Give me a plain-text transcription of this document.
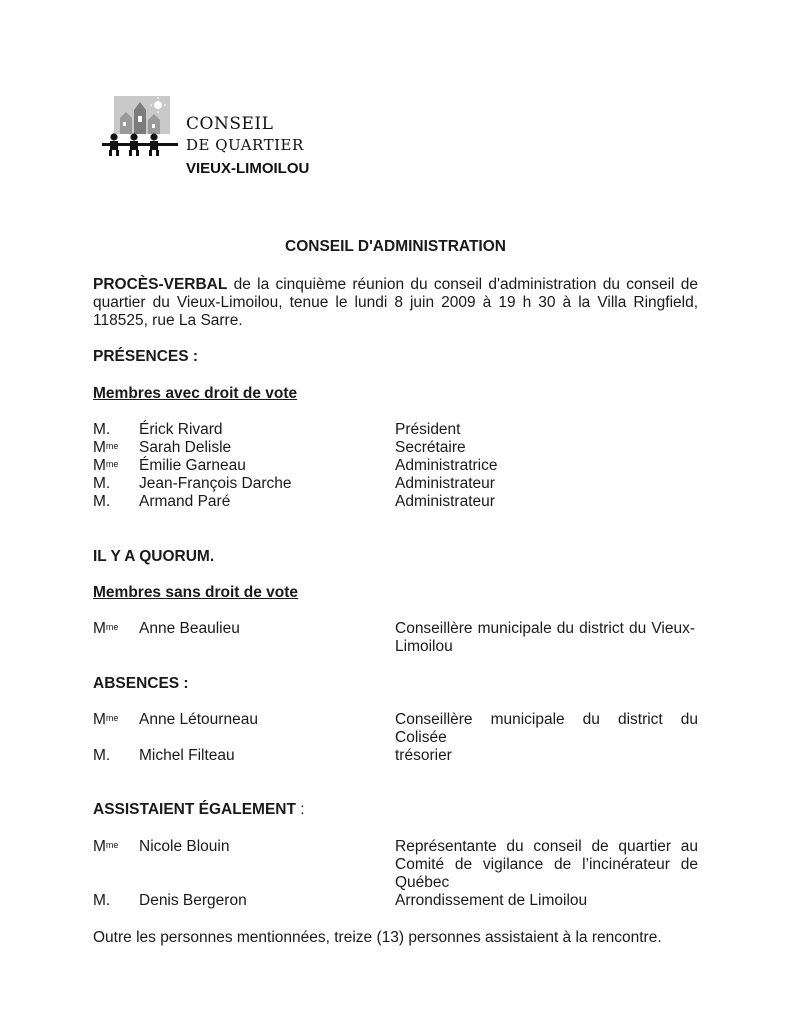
CONSEIL
DE QUARTIER
VIEUX-LIMOILOU
CONSEIL D'ADMINISTRATION
PROCÈS-VERBAL de la cinquième réunion du conseil d'administration du conseil de quartier du Vieux-Limoilou, tenue le lundi 8 juin 2009 à 19 h 30 à la Villa Ringfield, 118525, rue La Sarre.
PRÉSENCES :
Membres avec droit de vote
M. Érick Rivard	Président
$M^{me}$ Sarah Delisle	Secrétaire
$M^{me}$ Émilie Garneau	Administratrice
M. Jean-François Darche	Administrateur
M. Armand Paré	Administrateur
IL Y A QUORUM.
Membres sans droit de vote
$M^{me}$ Anne Beaulieu	Conseillère municipale du district du Vieux-Limoilou
ABSENCES :
$M^{me}$ Anne Létourneau	Conseillère municipale du district du Colisée
M. Michel Filteau	trésorier
ASSISTAIENT ÉGALEMENT :
$M^{me}$ Nicole Blouin	Représentante du conseil de quartier au Comité de vigilance de l’incinérateur de Québec
M. Denis Bergeron	Arrondissement de Limoilou
Outre les personnes mentionnées, treize (13) personnes assistaient à la rencontre.
